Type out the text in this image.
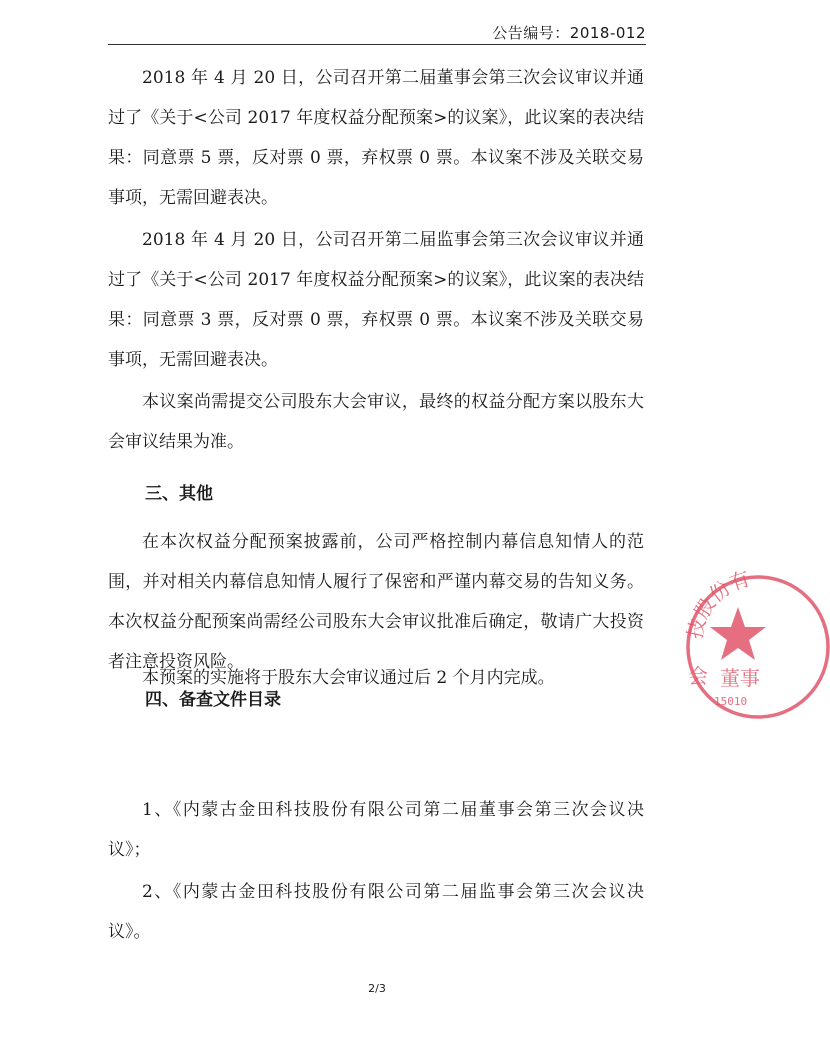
公告编号：2018-012

2018 年 4 月 20 日，公司召开第二届董事会第三次会议审议并通过了《关于<公司 2017 年度权益分配预案>的议案》，此议案的表决结果：同意票 5 票，反对票 0 票，弃权票 0 票。本议案不涉及关联交易事项，无需回避表决。

2018 年 4 月 20 日，公司召开第二届监事会第三次会议审议并通过了《关于<公司 2017 年度权益分配预案>的议案》，此议案的表决结果：同意票 3 票，反对票 0 票，弃权票 0 票。本议案不涉及关联交易事项，无需回避表决。

本议案尚需提交公司股东大会审议，最终的权益分配方案以股东大会审议结果为准。

三、其他

在本次权益分配预案披露前，公司严格控制内幕信息知情人的范围，并对相关内幕信息知情人履行了保密和严谨内幕交易的告知义务。本次权益分配预案尚需经公司股东大会审议批准后确定，敬请广大投资者注意投资风险。

本预案的实施将于股东大会审议通过后 2 个月内完成。

四、备查文件目录

1、《内蒙古金田科技股份有限公司第二届董事会第三次会议决议》；

2、《内蒙古金田科技股份有限公司第二届监事会第三次会议决议》。

2/3
技股份有
会 董事
15010
